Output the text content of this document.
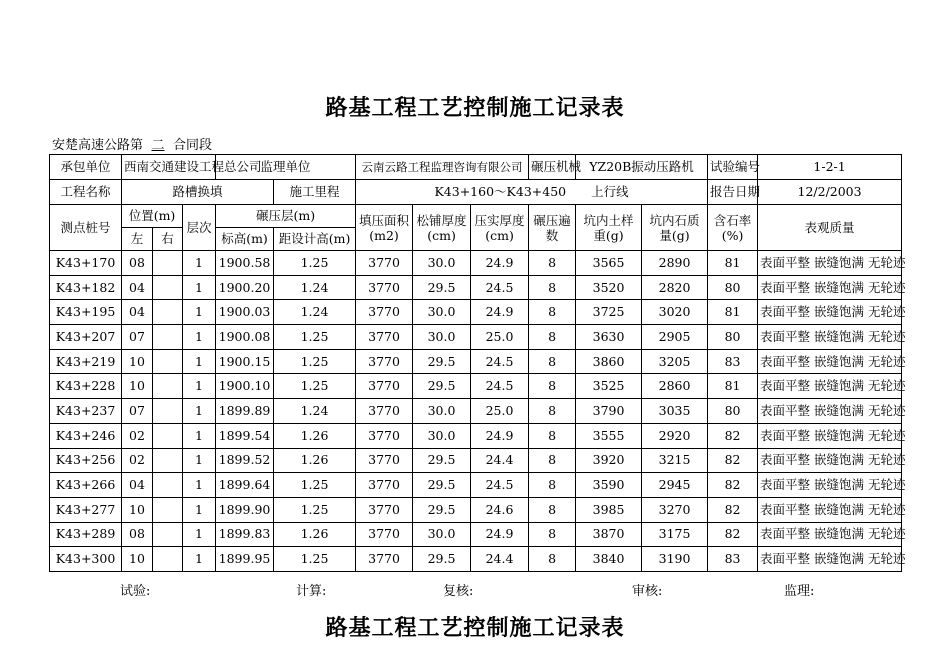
路基工程工艺控制施工记录表
安楚高速公路第 二 合同段
承包单位	西南交通建设工程总公司			监理单位		云南云路工程监理咨询有限公司			碾压机械	YZ20B振动压路机		试验编号	1-2-1
工程名称	路槽换填				施工里程	K43+160～K43+450　　上行线						报告日期	12/2/2003
测点桩号	位置(m)		层次	碾压层(m)		填压面积(m2)	松铺厚度(cm)	压实厚度(cm)	碾压遍数	坑内土样重(g)	坑内石质量(g)	含石率(%)	表观质量
	左	右		标高(m)	距设计高(m)								
K43+170	08		1	1900.58	1.25	3770	30.0	24.9	8	3565	2890	81	表面平整 嵌缝饱满 无轮迹
K43+182	04		1	1900.20	1.24	3770	29.5	24.5	8	3520	2820	80	表面平整 嵌缝饱满 无轮迹
K43+195	04		1	1900.03	1.24	3770	30.0	24.9	8	3725	3020	81	表面平整 嵌缝饱满 无轮迹
K43+207	07		1	1900.08	1.25	3770	30.0	25.0	8	3630	2905	80	表面平整 嵌缝饱满 无轮迹
K43+219	10		1	1900.15	1.25	3770	29.5	24.5	8	3860	3205	83	表面平整 嵌缝饱满 无轮迹
K43+228	10		1	1900.10	1.25	3770	29.5	24.5	8	3525	2860	81	表面平整 嵌缝饱满 无轮迹
K43+237	07		1	1899.89	1.24	3770	30.0	25.0	8	3790	3035	80	表面平整 嵌缝饱满 无轮迹
K43+246	02		1	1899.54	1.26	3770	30.0	24.9	8	3555	2920	82	表面平整 嵌缝饱满 无轮迹
K43+256	02		1	1899.52	1.26	3770	29.5	24.4	8	3920	3215	82	表面平整 嵌缝饱满 无轮迹
K43+266	04		1	1899.64	1.25	3770	29.5	24.5	8	3590	2945	82	表面平整 嵌缝饱满 无轮迹
K43+277	10		1	1899.90	1.25	3770	29.5	24.6	8	3985	3270	82	表面平整 嵌缝饱满 无轮迹
K43+289	08		1	1899.83	1.26	3770	30.0	24.9	8	3870	3175	82	表面平整 嵌缝饱满 无轮迹
K43+300	10		1	1899.95	1.25	3770	29.5	24.4	8	3840	3190	83	表面平整 嵌缝饱满 无轮迹
试验:	计算:	复核:	审核:	监理:
路基工程工艺控制施工记录表
